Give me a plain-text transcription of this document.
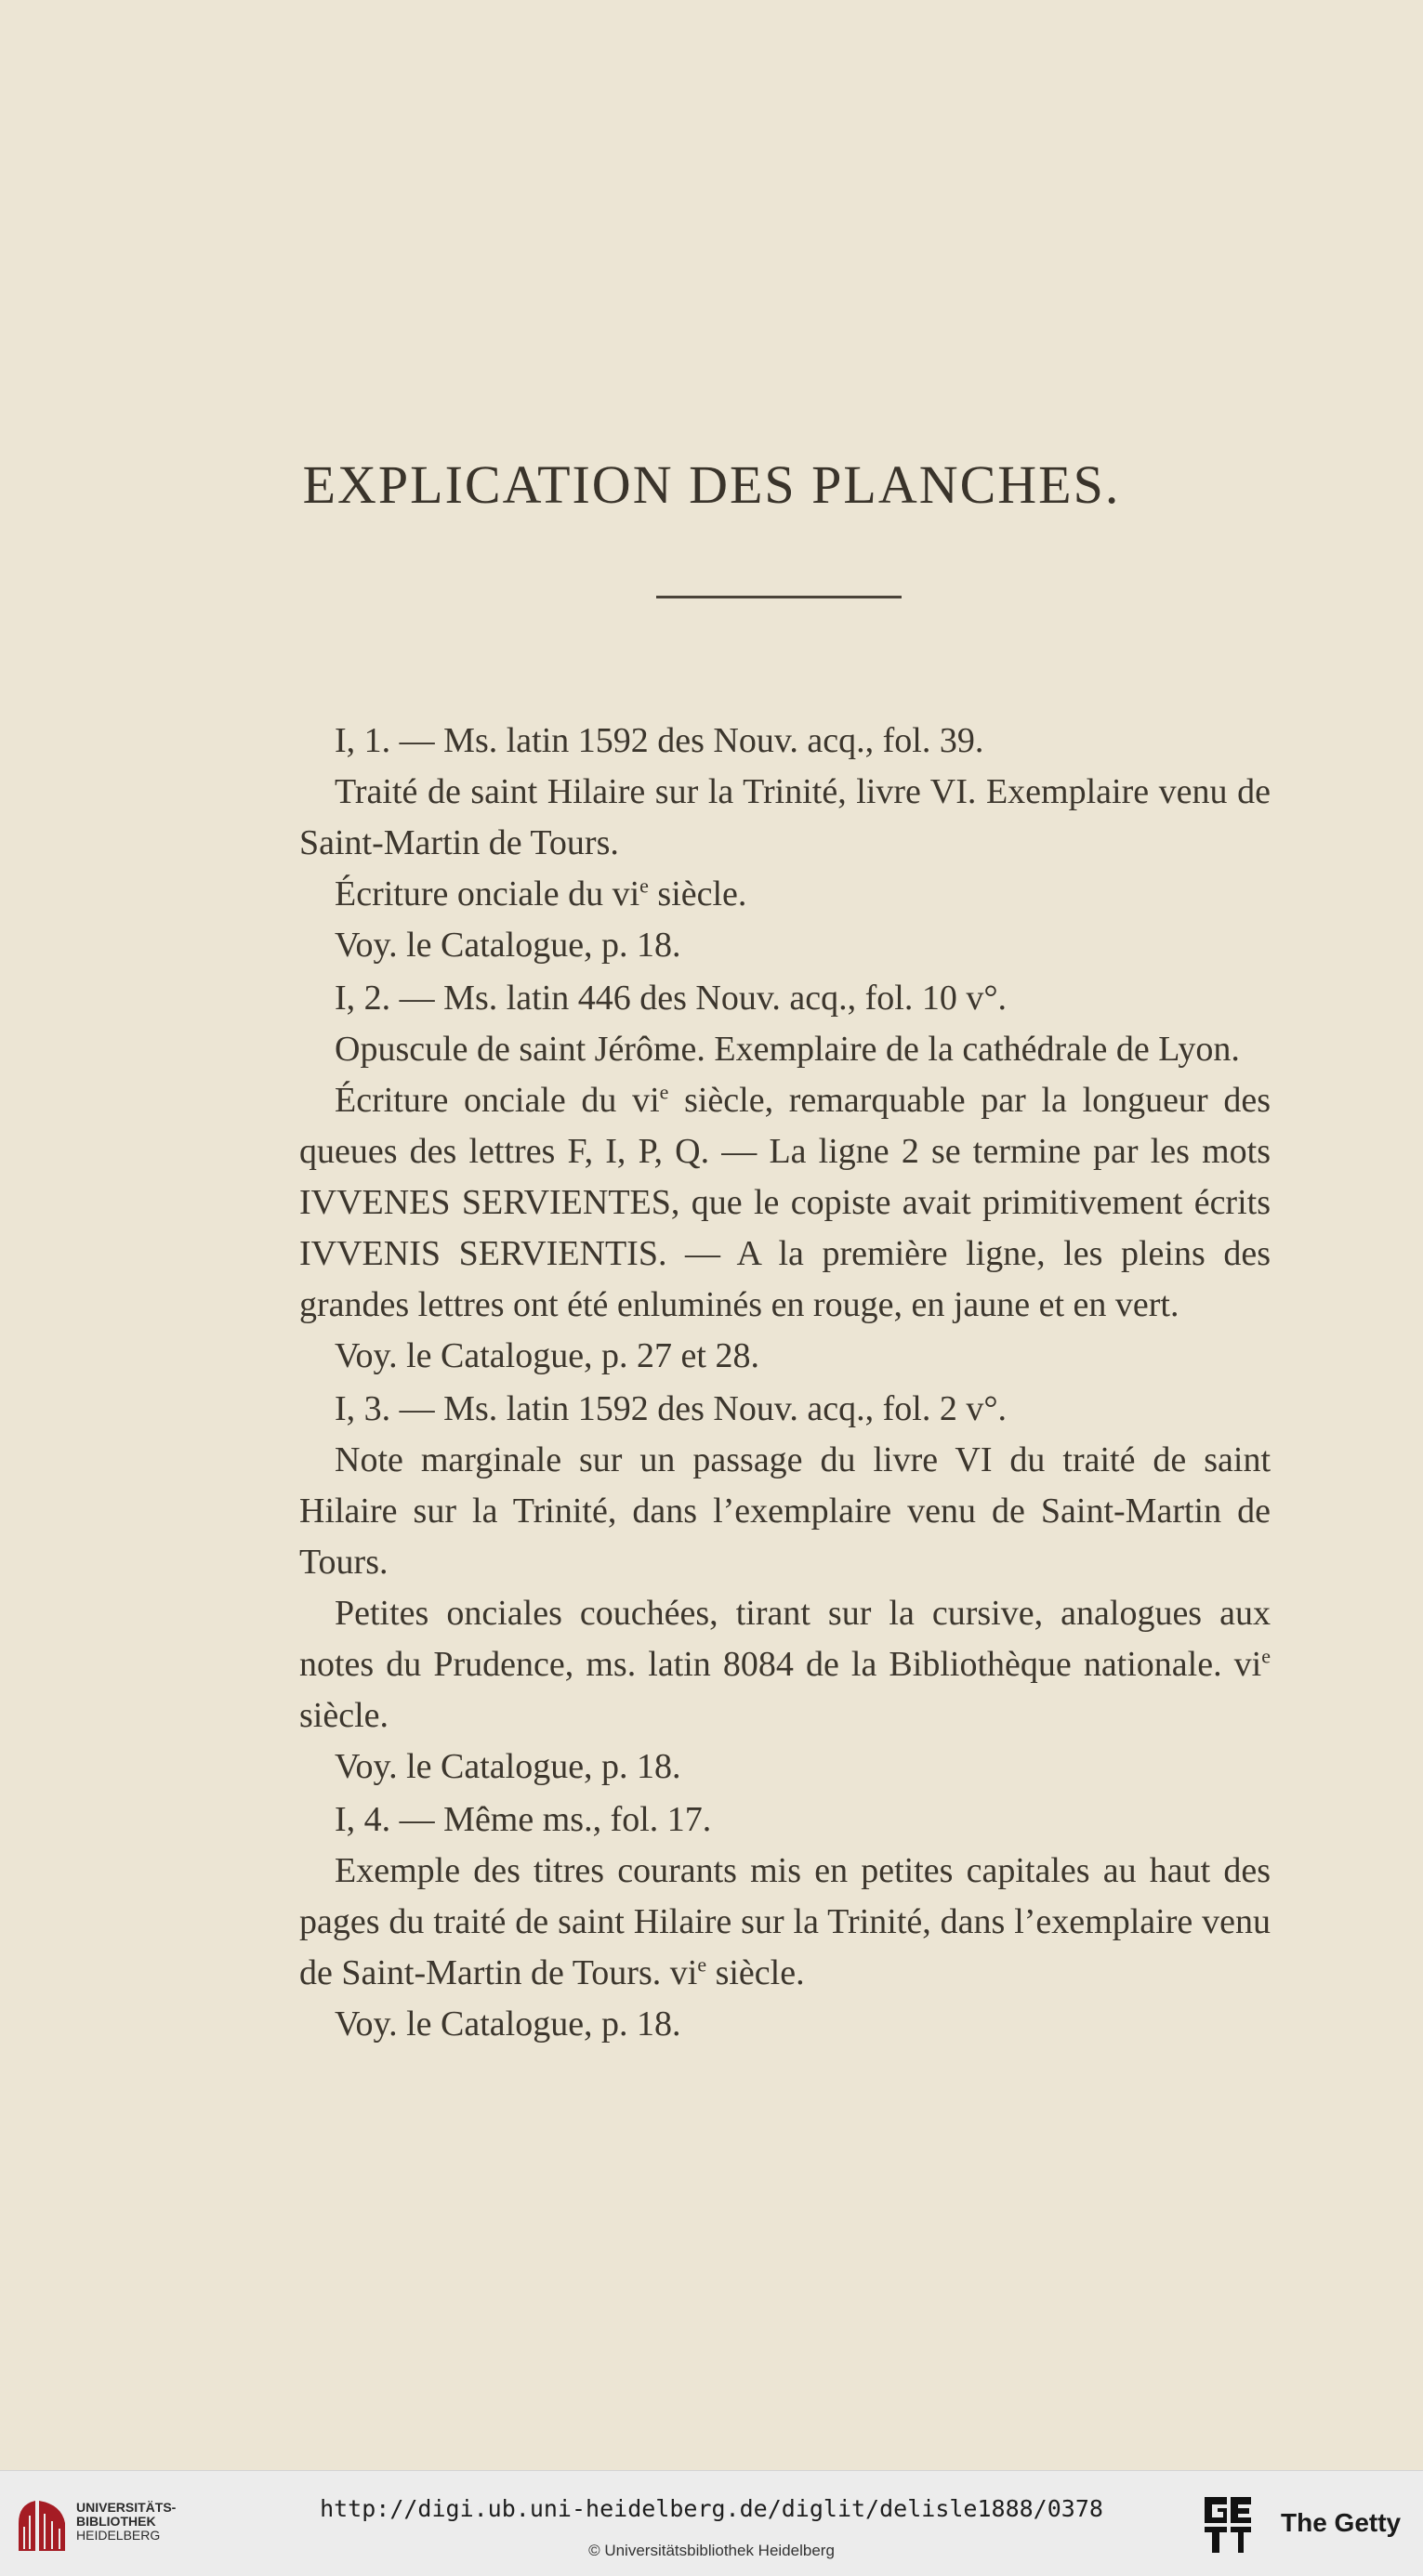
EXPLICATION DES PLANCHES.

I, 1. — Ms. latin 1592 des Nouv. acq., fol. 39.

Traité de saint Hilaire sur la Trinité, livre VI. Exemplaire venu de Saint-Martin de Tours.

Écriture onciale du $vi^e$ siècle.

Voy. le Catalogue, p. 18.

I, 2. — Ms. latin 446 des Nouv. acq., fol. 10 v°.

Opuscule de saint Jérôme. Exemplaire de la cathédrale de Lyon.

Écriture onciale du $vi^e$ siècle, remarquable par la longueur des queues des lettres F, I, P, Q. — La ligne 2 se termine par les mots IVVENES SERVIENTES, que le copiste avait primitivement écrits IVVENIS SERVIENTIS. — A la première ligne, les pleins des grandes lettres ont été enluminés en rouge, en jaune et en vert.

Voy. le Catalogue, p. 27 et 28.

I, 3. — Ms. latin 1592 des Nouv. acq., fol. 2 v°.

Note marginale sur un passage du livre VI du traité de saint Hilaire sur la Trinité, dans l’exemplaire venu de Saint-Martin de Tours.

Petites onciales couchées, tirant sur la cursive, analogues aux notes du Prudence, ms. latin 8084 de la Bibliothèque nationale. $vi^e$ siècle.

Voy. le Catalogue, p. 18.

I, 4. — Même ms., fol. 17.

Exemple des titres courants mis en petites capitales au haut des pages du traité de saint Hilaire sur la Trinité, dans l’exemplaire venu de Saint-Martin de Tours. $vi^e$ siècle.

Voy. le Catalogue, p. 18.

UNIVERSITÄTS-
BIBLIOTHEK
HEIDELBERG
http://digi.ub.uni-heidelberg.de/diglit/delisle1888/0378
© Universitätsbibliothek Heidelberg
The Getty
